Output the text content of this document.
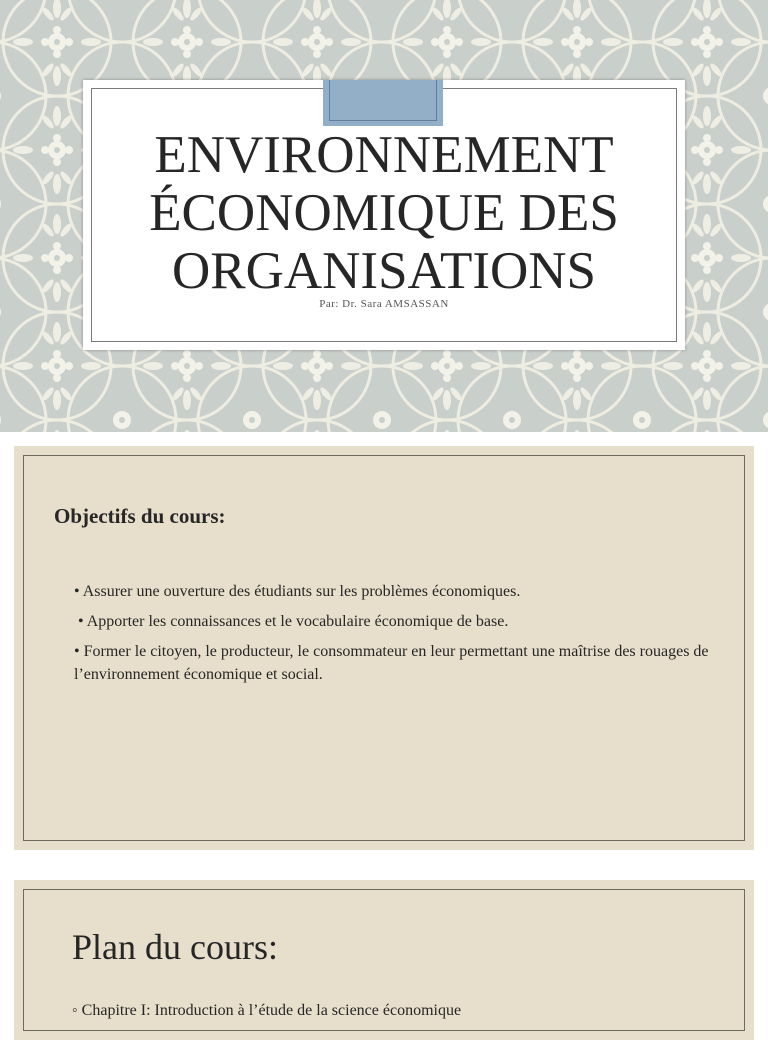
ENVIRONNEMENT
ÉCONOMIQUE DES
ORGANISATIONS
Par: Dr. Sara AMSASSAN
Objectifs du cours:
• Assurer une ouverture des étudiants sur les problèmes économiques.
• Apporter les connaissances et le vocabulaire économique de base.
• Former le citoyen, le producteur, le consommateur en leur permettant une maîtrise des rouages de l’environnement économique et social.
Plan du cours:
◦ Chapitre I: Introduction à l’étude de la science économique
